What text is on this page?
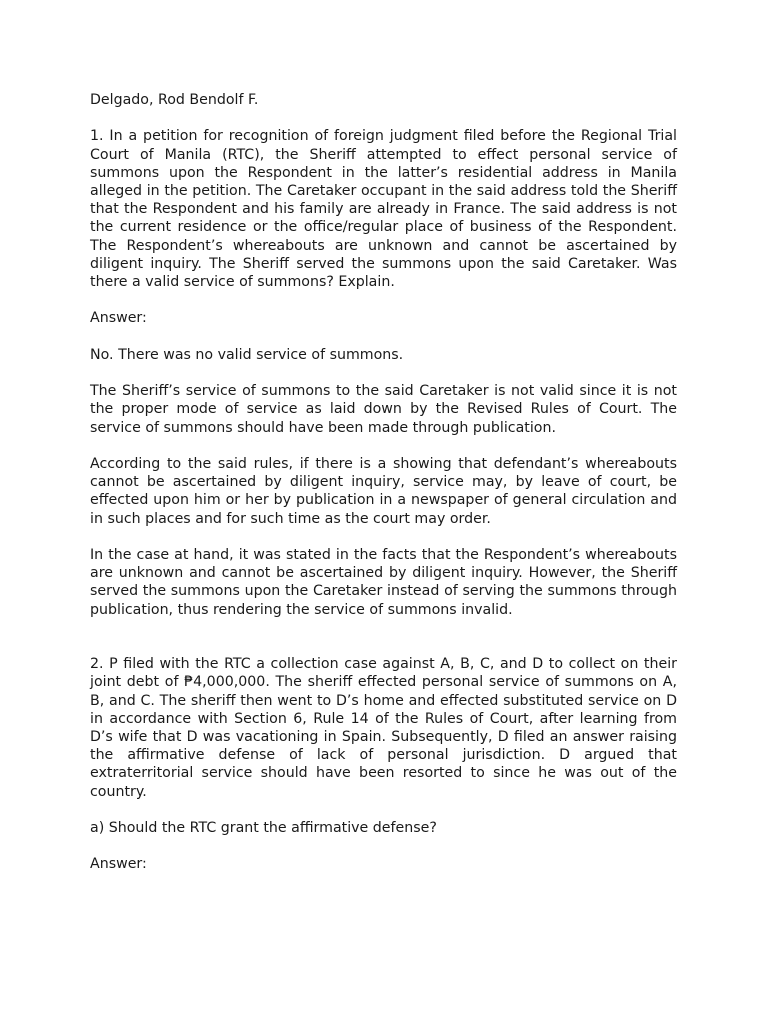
Delgado, Rod Bendolf F.

1. In a petition for recognition of foreign judgment filed before the Regional Trial Court of Manila (RTC), the Sheriff attempted to effect personal service of summons upon the Respondent in the latter’s residential address in Manila alleged in the petition. The Caretaker occupant in the said address told the Sheriff that the Respondent and his family are already in France. The said address is not the current residence or the office/regular place of business of the Respondent. The Respondent’s whereabouts are unknown and cannot be ascertained by diligent inquiry. The Sheriff served the summons upon the said Caretaker. Was there a valid service of summons? Explain.

Answer:

No. There was no valid service of summons.

The Sheriff’s service of summons to the said Caretaker is not valid since it is not the proper mode of service as laid down by the Revised Rules of Court. The service of summons should have been made through publication.

According to the said rules, if there is a showing that defendant’s whereabouts cannot be ascertained by diligent inquiry, service may, by leave of court, be effected upon him or her by publication in a newspaper of general circulation and in such places and for such time as the court may order.

In the case at hand, it was stated in the facts that the Respondent’s whereabouts are unknown and cannot be ascertained by diligent inquiry. However, the Sheriff served the summons upon the Caretaker instead of serving the summons through publication, thus rendering the service of summons invalid.

2. P filed with the RTC a collection case against A, B, C, and D to collect on their joint debt of ₱4,000,000. The sheriff effected personal service of summons on A, B, and C. The sheriff then went to D’s home and effected substituted service on D in accordance with Section 6, Rule 14 of the Rules of Court, after learning from D’s wife that D was vacationing in Spain. Subsequently, D filed an answer raising the affirmative defense of lack of personal jurisdiction. D argued that extraterritorial service should have been resorted to since he was out of the country.

a) Should the RTC grant the affirmative defense?

Answer:
